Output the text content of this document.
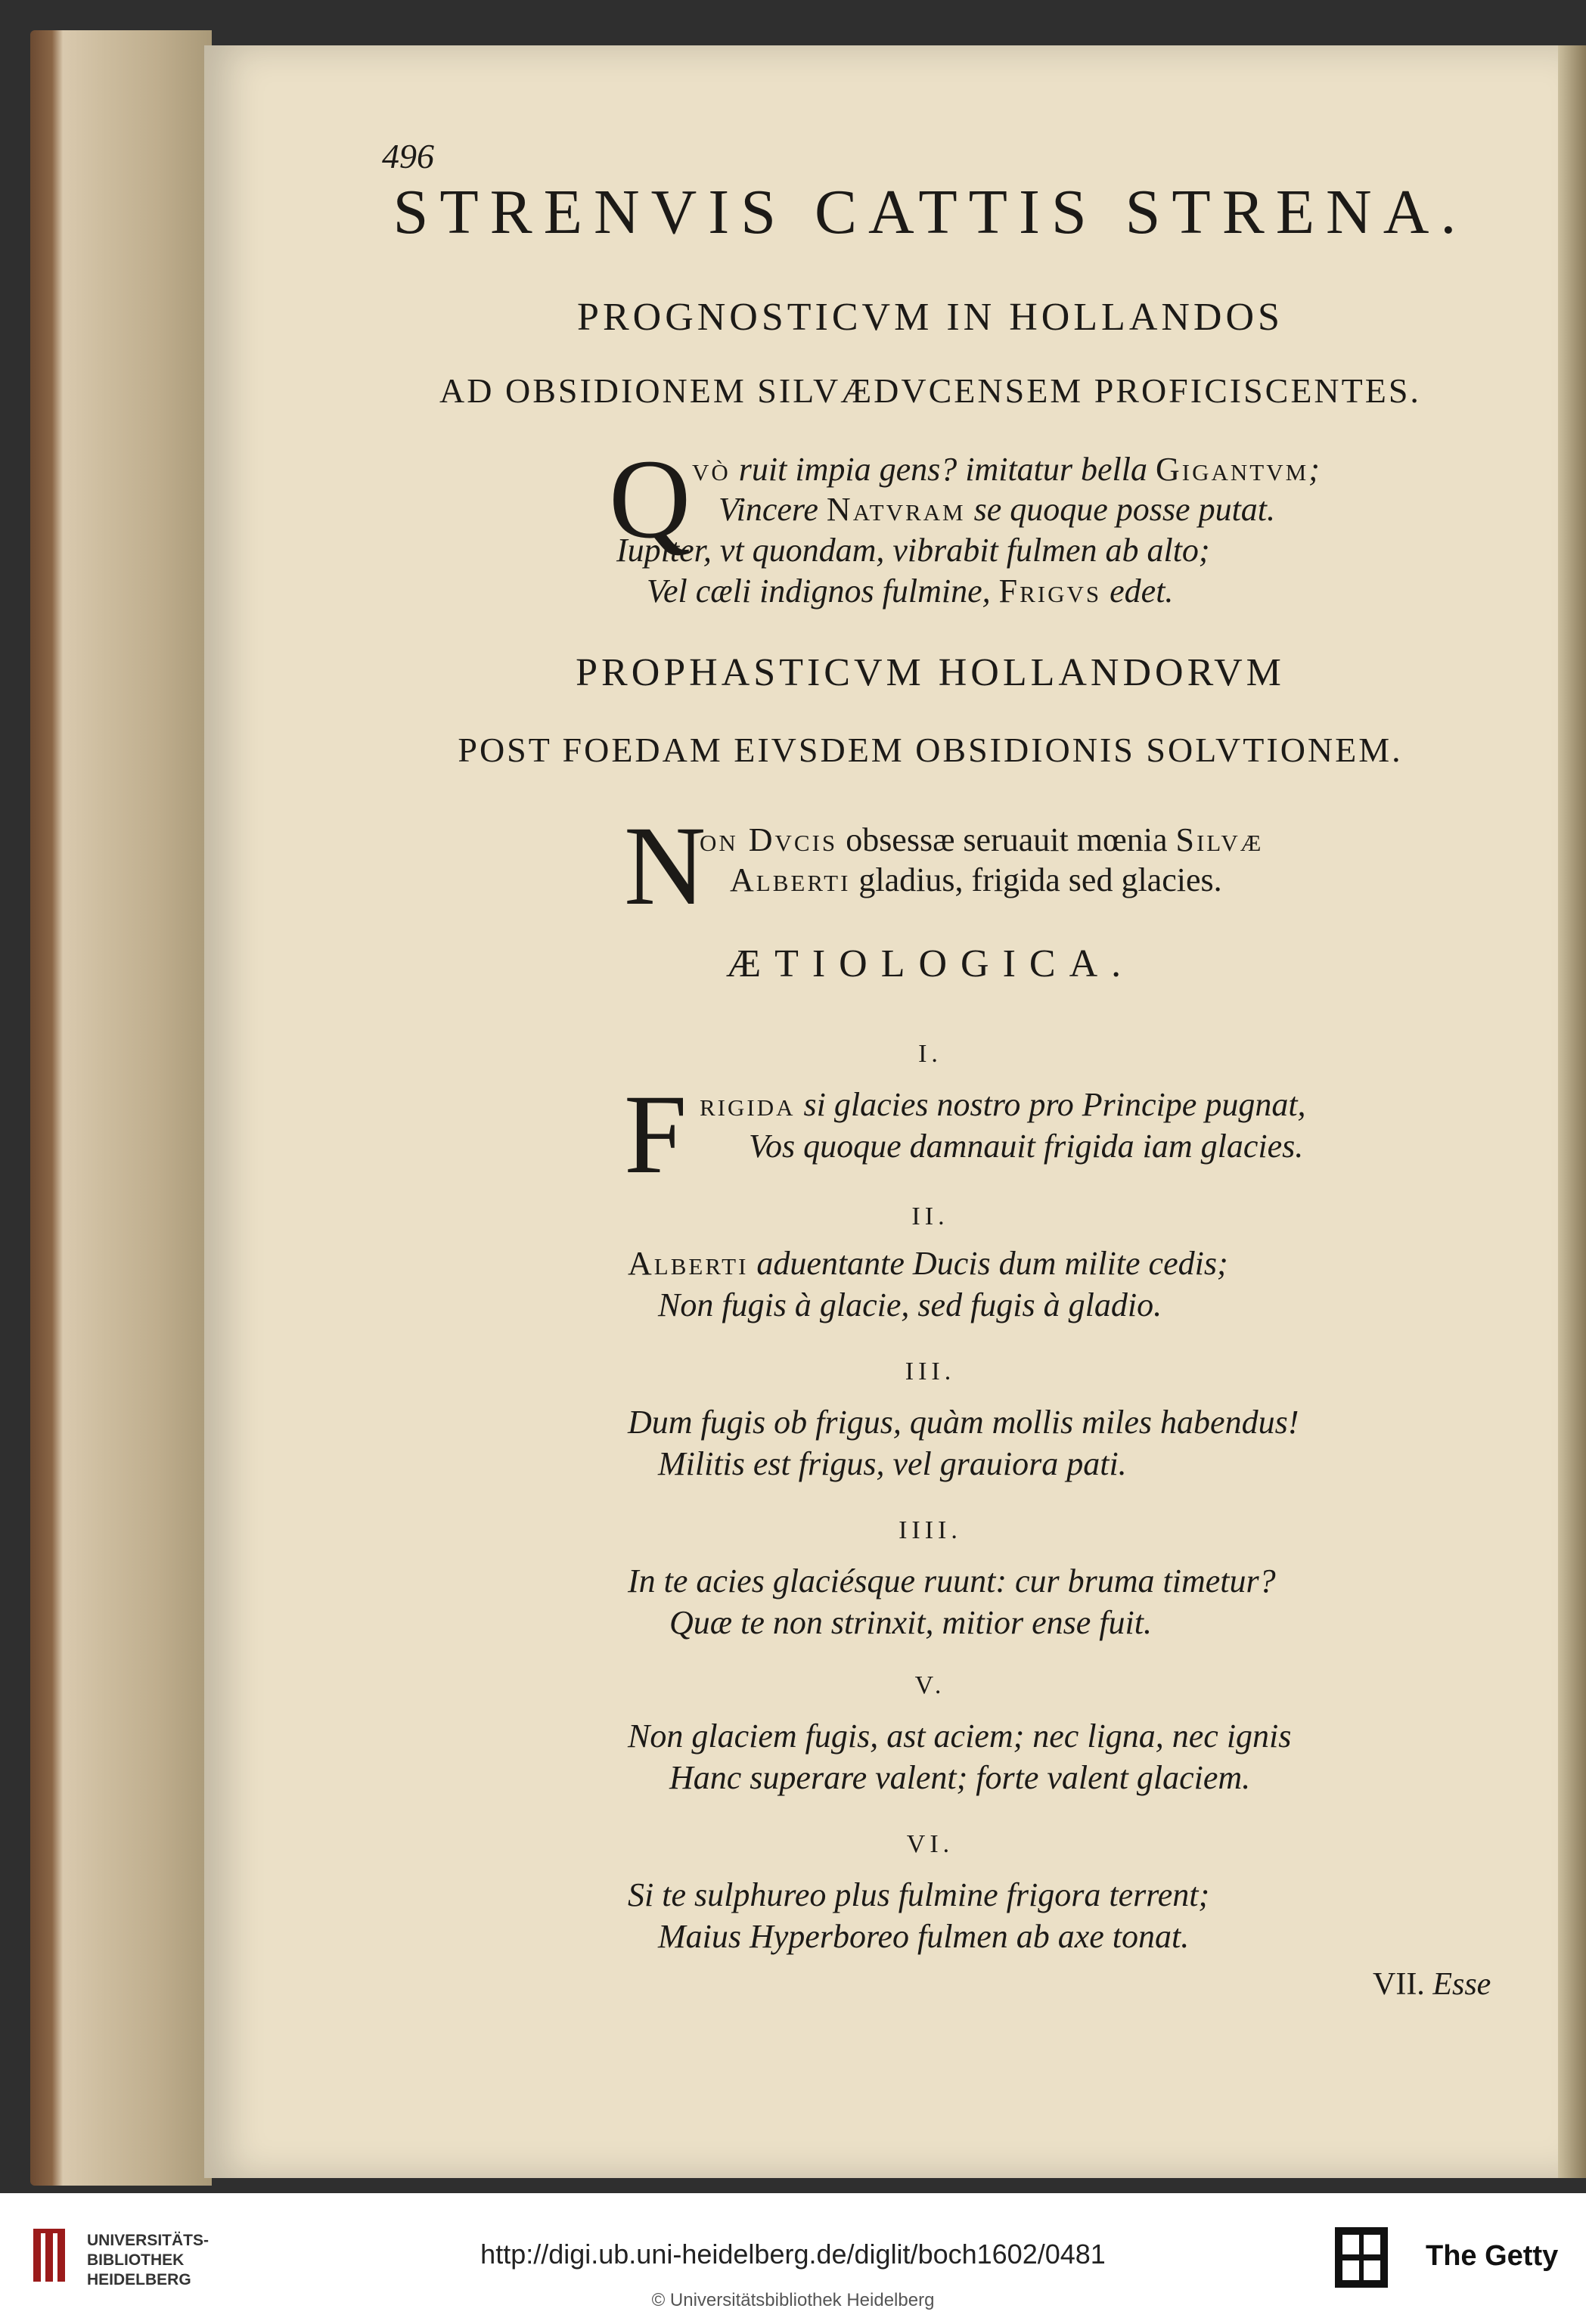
496
STRENVIS CATTIS STRENA.
PROGNOSTICVM IN HOLLANDOS
AD OBSIDIONEM SILVÆDVCENSEM PROFICISCENTES.
Q vò ruit impia gens? imitatur bella Gigantvm;
Vincere Natvram se quoque posse putat.
Iupiter, vt quondam, vibrabit fulmen ab alto;
Vel cæli indignos fulmine, Frigvs edet.
PROPHASTICVM HOLLANDORVM
POST FOEDAM EIVSDEM OBSIDIONIS SOLVTIONEM.
N
on Dvcis obsessæ seruauit mœnia Silvæ
Alberti gladius, frigida sed glacies.
ÆTIOLOGICA.
I.
F rigida si glacies nostro pro Principe pugnat,
Vos quoque damnauit frigida iam glacies.
II.
Alberti aduentante Ducis dum milite cedis;
Non fugis à glacie, sed fugis à gladio.
III.
Dum fugis ob frigus, quàm mollis miles habendus!
Militis est frigus, vel grauiora pati.
IIII.
In te acies glaciésque ruunt: cur bruma timetur?
Quæ te non strinxit, mitior ense fuit.
V.
Non glaciem fugis, ast aciem; nec ligna, nec ignis
Hanc superare valent; forte valent glaciem.
VI.
Si te sulphureo plus fulmine frigora terrent;
Maius Hyperboreo fulmen ab axe tonat.
VII. Esse
UNIVERSITÄTS-
BIBLIOTHEK
HEIDELBERG
http://digi.ub.uni-heidelberg.de/diglit/boch1602/0481
© Universitätsbibliothek Heidelberg
The Getty
